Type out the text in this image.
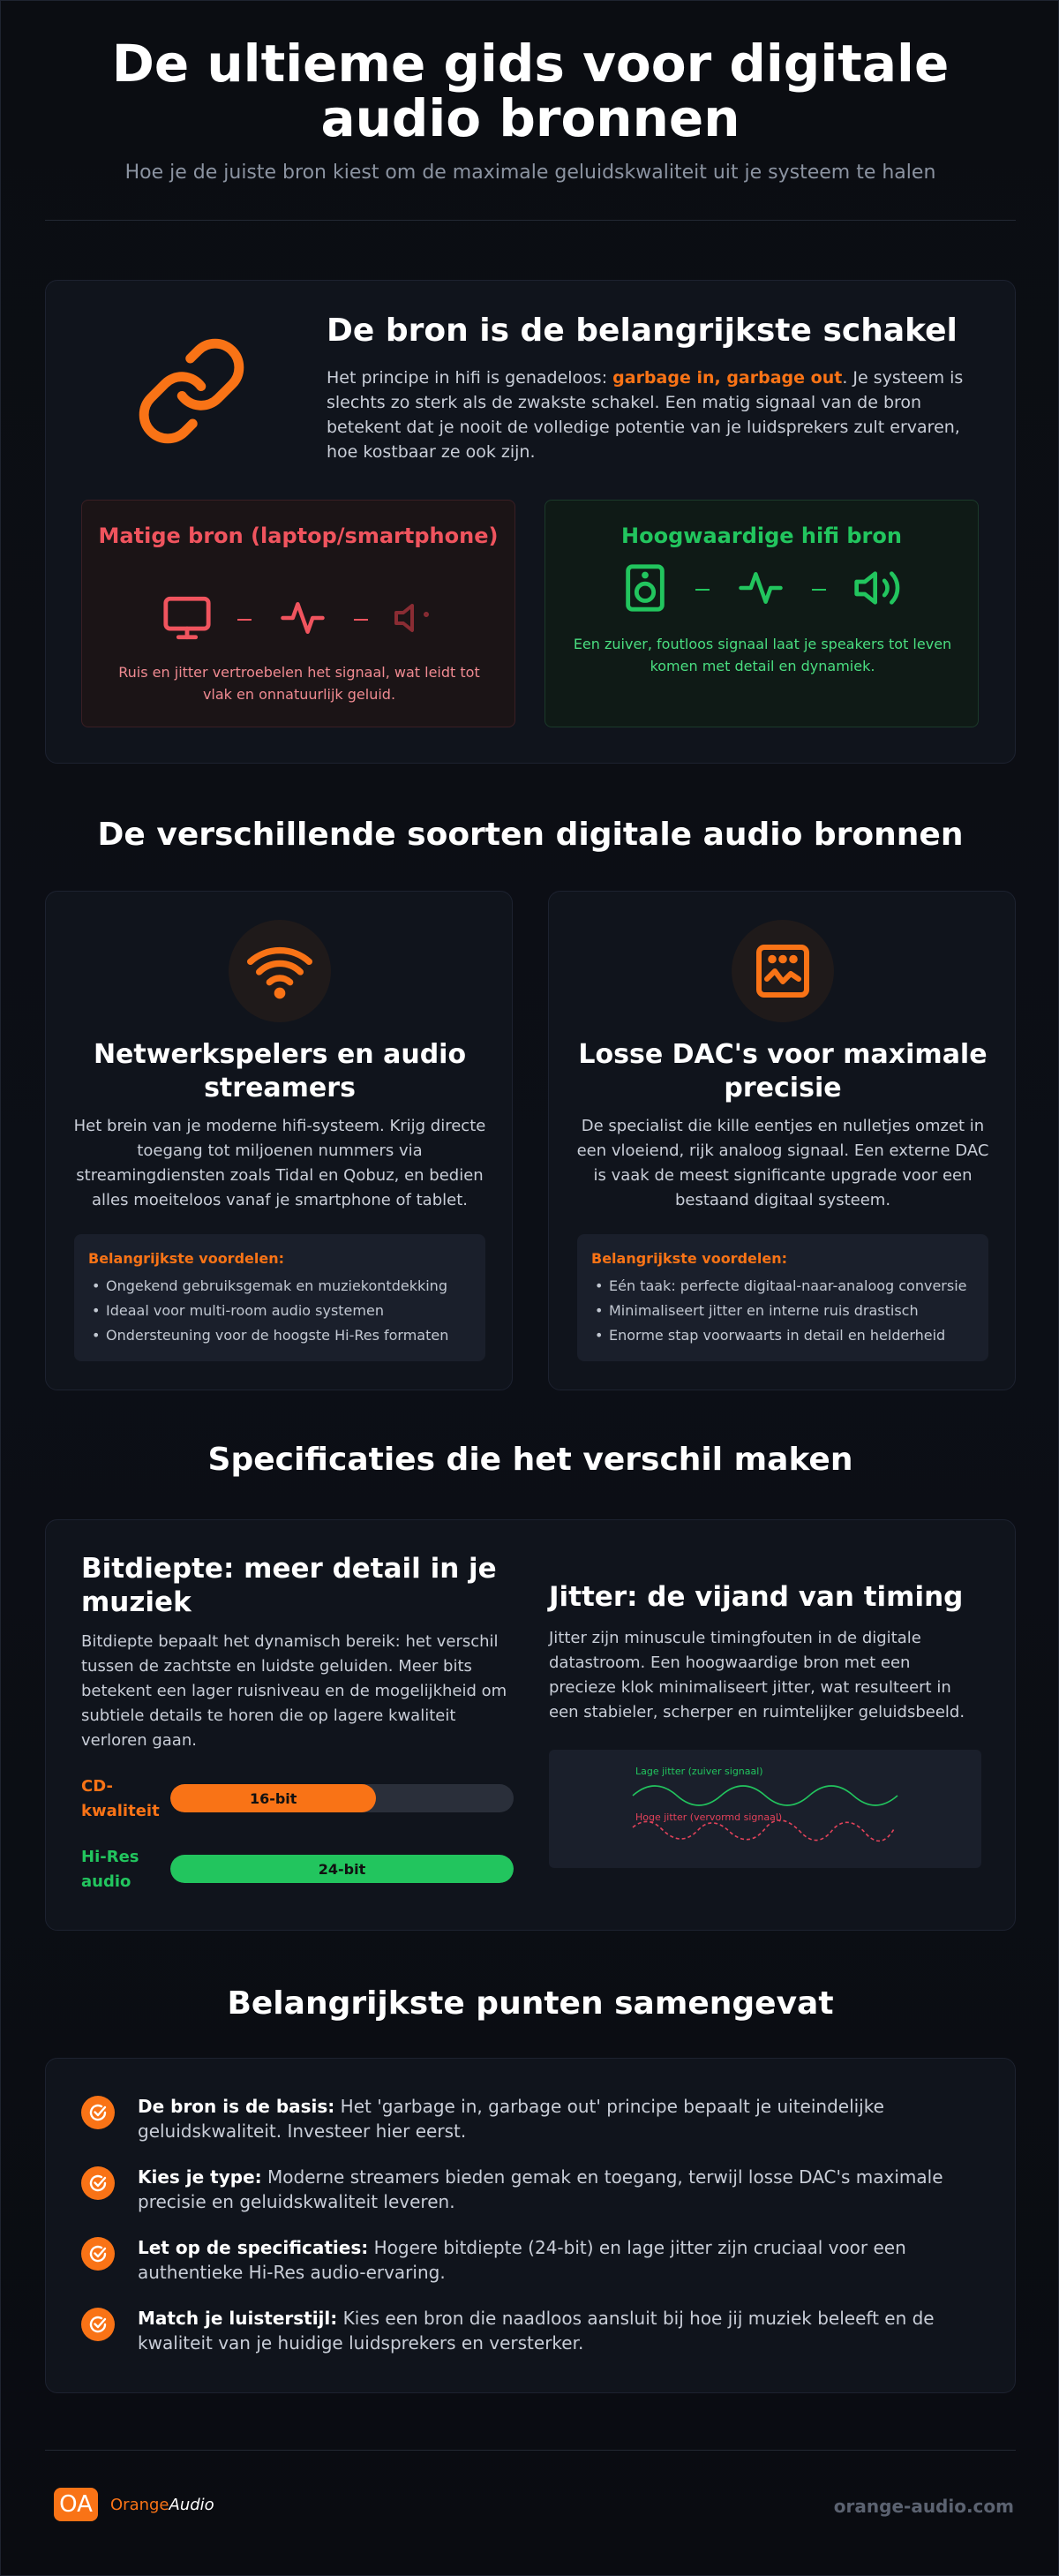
De ultieme gids voor digitale audio bronnen

Hoe je de juiste bron kiest om de maximale geluidskwaliteit uit je systeem te halen

De bron is de belangrijkste schakel
Het principe in hifi is genadeloos: garbage in, garbage out. Je systeem is slechts zo sterk als de zwakste schakel. Een matig signaal van de bron betekent dat je nooit de volledige potentie van je luidsprekers zult ervaren, hoe kostbaar ze ook zijn.
Matige bron (laptop/smartphone)
Ruis en jitter vertroebelen het signaal, wat leidt tot vlak en onnatuurlijk geluid.
Hoogwaardige hifi bron
Een zuiver, foutloos signaal laat je speakers tot leven komen met detail en dynamiek.
De verschillende soorten digitale audio bronnen
Netwerkspelers en audio streamers
Het brein van je moderne hifi-systeem. Krijg directe toegang tot miljoenen nummers via streamingdiensten zoals Tidal en Qobuz, en bedien alles moeiteloos vanaf je smartphone of tablet.
Belangrijkste voordelen:
• Ongekend gebruiksgemak en muziekontdekking
• Ideaal voor multi-room audio systemen
• Ondersteuning voor de hoogste Hi-Res formaten
Losse DAC's voor maximale precisie
De specialist die kille eentjes en nulletjes omzet in een vloeiend, rijk analoog signaal. Een externe DAC is vaak de meest significante upgrade voor een bestaand digitaal systeem.
Belangrijkste voordelen:
• Eén taak: perfecte digitaal-naar-analoog conversie
• Minimaliseert jitter en interne ruis drastisch
• Enorme stap voorwaarts in detail en helderheid
Specificaties die het verschil maken
Bitdiepte: meer detail in je muziek
Bitdiepte bepaalt het dynamisch bereik: het verschil tussen de zachtste en luidste geluiden. Meer bits betekent een lager ruisniveau en de mogelijkheid om subtiele details te horen die op lagere kwaliteit verloren gaan.
CD-kwaliteit
16-bit
Hi-Res audio
24-bit
Jitter: de vijand van timing
Jitter zijn minuscule timingfouten in de digitale datastroom. Een hoogwaardige bron met een precieze klok minimaliseert jitter, wat resulteert in een stabieler, scherper en ruimtelijker geluidsbeeld.
Lage jitter (zuiver signaal)
Hoge jitter (vervormd signaal)
Belangrijkste punten samengevat
De bron is de basis: Het 'garbage in, garbage out' principe bepaalt je uiteindelijke geluidskwaliteit. Investeer hier eerst.
Kies je type: Moderne streamers bieden gemak en toegang, terwijl losse DAC's maximale precisie en geluidskwaliteit leveren.
Let op de specificaties: Hogere bitdiepte (24-bit) en lage jitter zijn cruciaal voor een authentieke Hi-Res audio-ervaring.
Match je luisterstijl: Kies een bron die naadloos aansluit bij hoe jij muziek beleeft en de kwaliteit van je huidige luidsprekers en versterker.
OA	OrangeAudio	orange-audio.com
